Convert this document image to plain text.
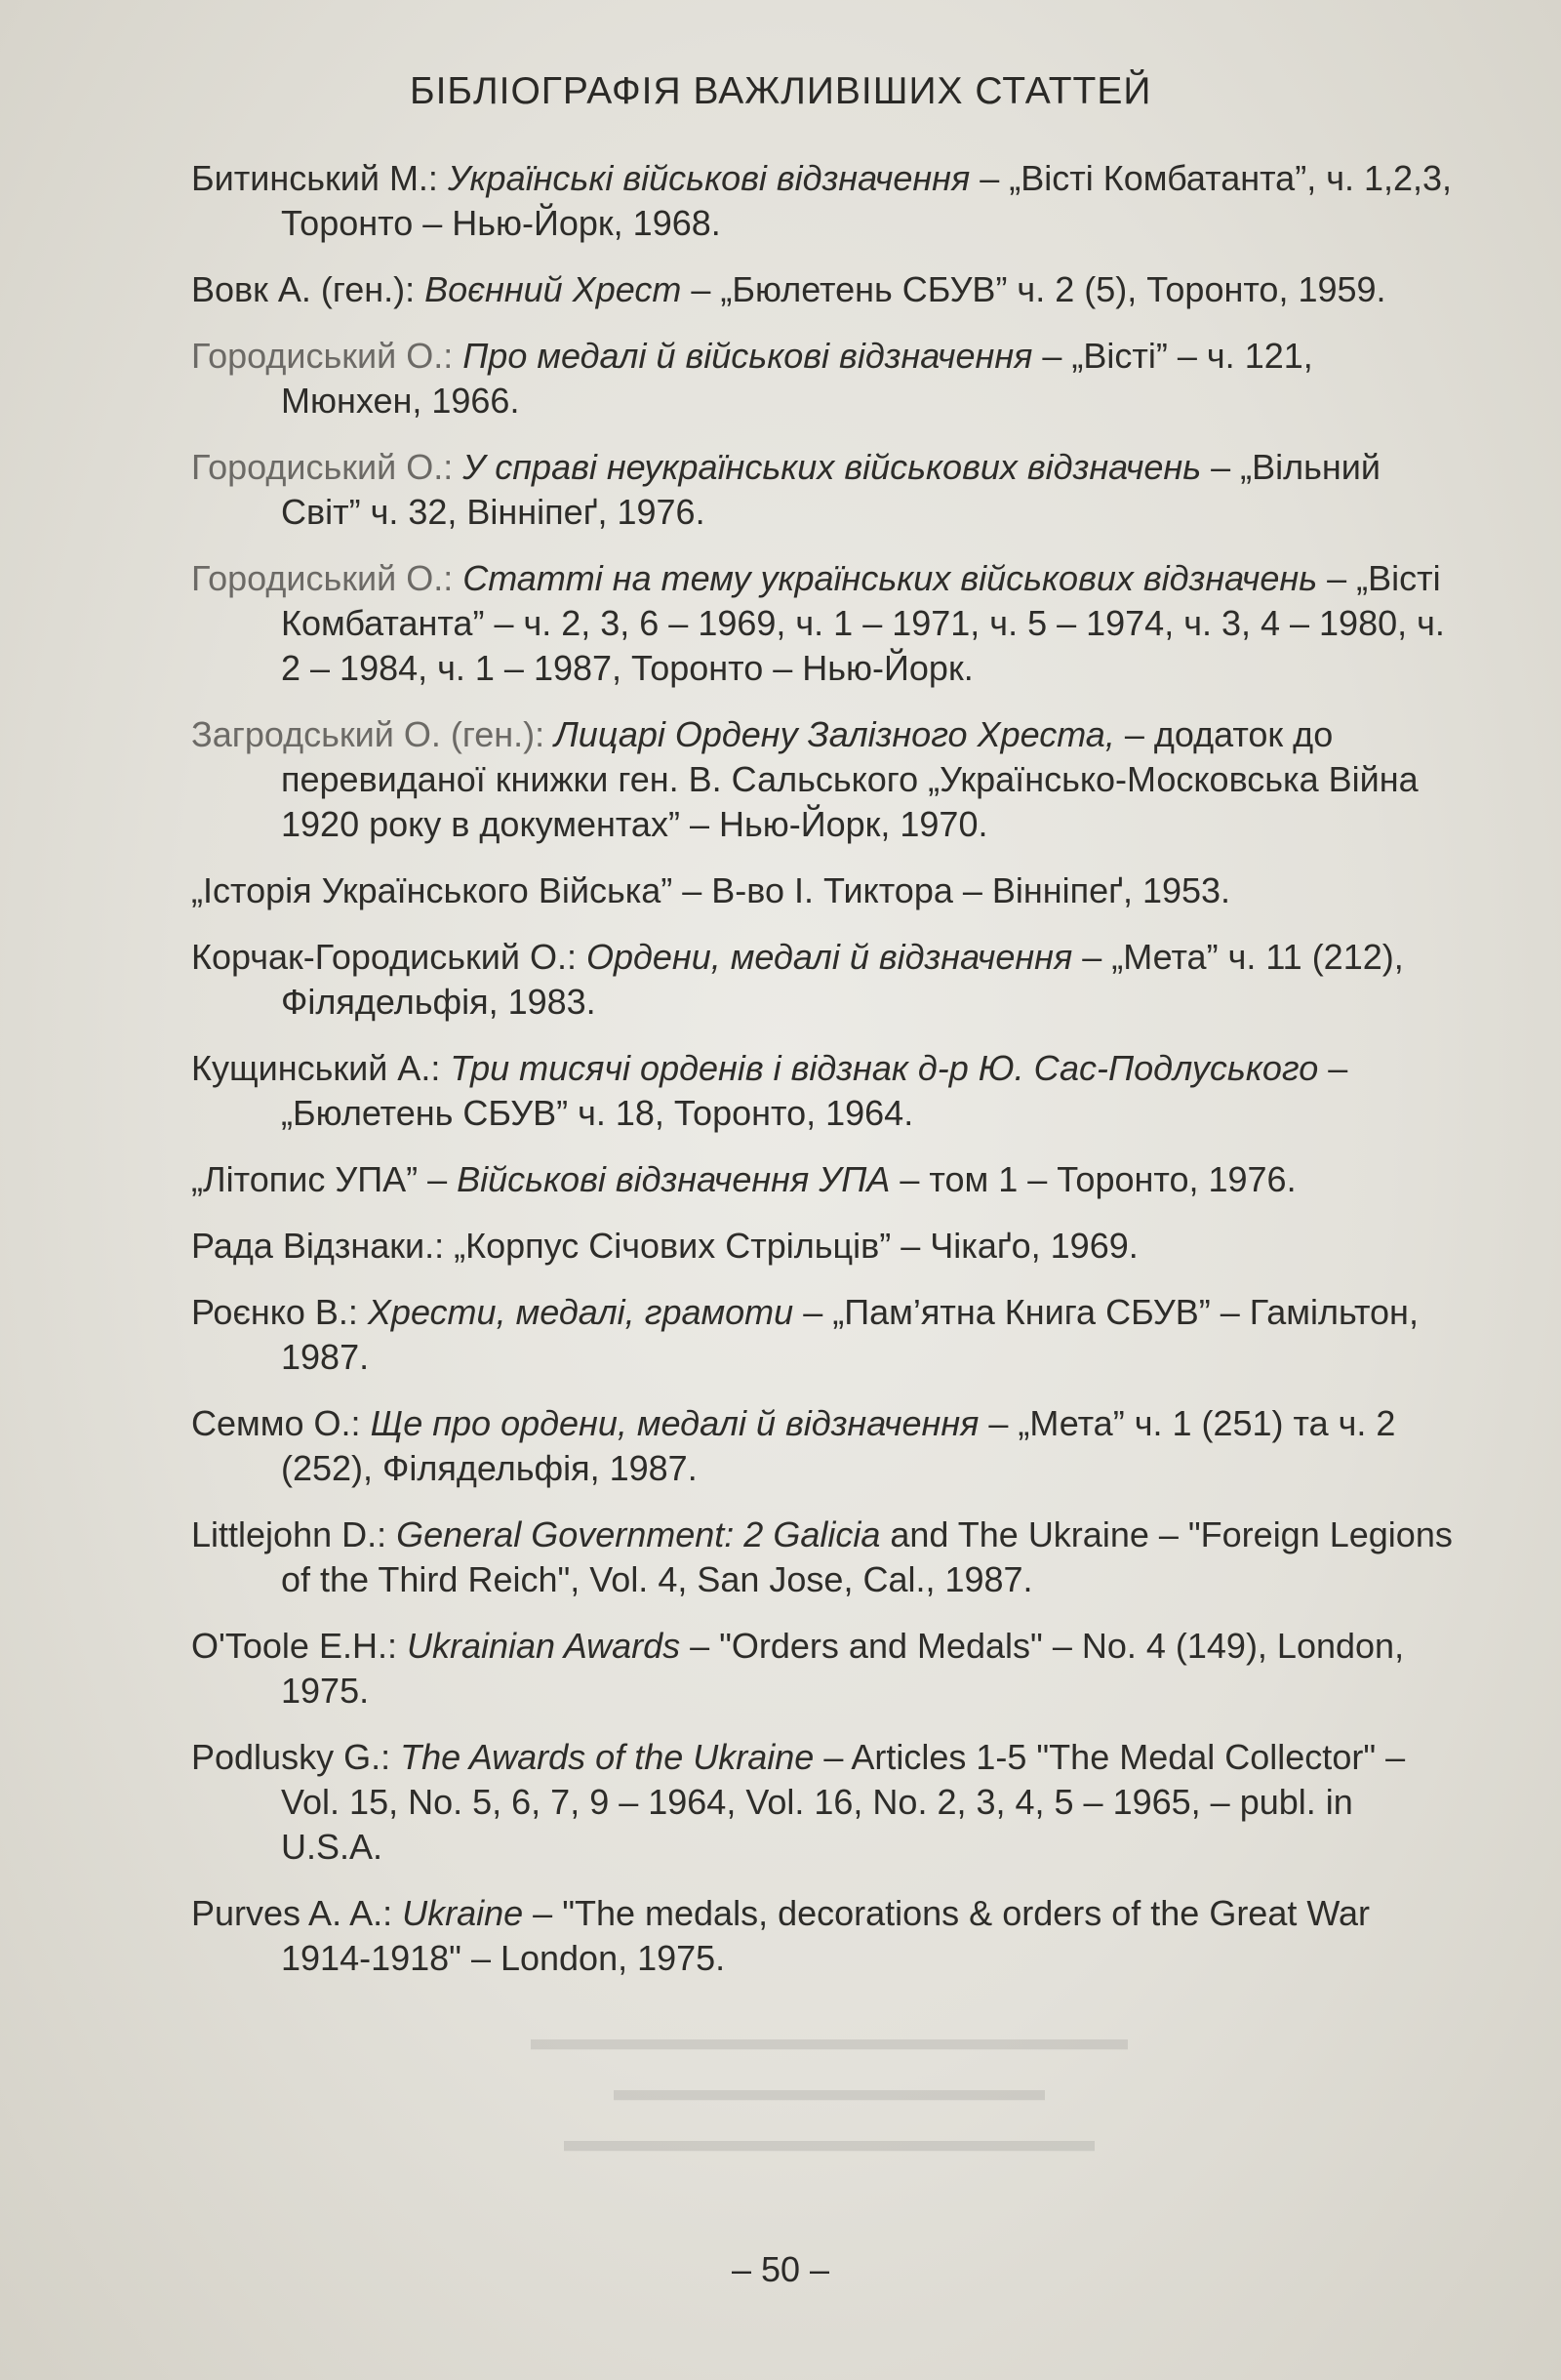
▬▬▬▬▬▬▬▬▬▬▬▬▬▬▬▬
▬▬▬▬▬▬▬▬▬▬▬▬▬
▬▬▬▬▬▬▬▬▬▬▬▬▬▬▬▬▬▬
БІБЛІОГРАФІЯ ВАЖЛИВІШИХ СТАТТЕЙ
Битинський М.: Українські військові відзначення – „Вісті Комбатанта”, ч. 1,2,3, Торонто – Нью-Йорк, 1968.
Вовк А. (ген.): Воєнний Хрест – „Бюлетень СБУВ” ч. 2 (5), Торонто, 1959.
Городиський О.: Про медалі й військові відзначення – „Вісті” – ч. 121, Мюнхен, 1966.
Городиський О.: У справі неукраїнських військових відзначень – „Вільний Світ” ч. 32, Вінніпеґ, 1976.
Городиський О.: Статті на тему українських військових відзначень – „Вісті Комбатанта” – ч. 2, 3, 6 – 1969, ч. 1 – 1971, ч. 5 – 1974, ч. 3, 4 – 1980, ч. 2 – 1984, ч. 1 – 1987, Торонто – Нью-Йорк.
Загродський О. (ген.): Лицарі Ордену Залізного Хреста, – додаток до перевиданої книжки ген. В. Сальського „Українсько-Московська Війна 1920 року в документах” – Нью-Йорк, 1970.
„Історія Українського Війська” – В-во І. Тиктора – Вінніпеґ, 1953.
Корчак-Городиський О.: Ордени, медалі й відзначення – „Мета” ч. 11 (212), Філядельфія, 1983.
Кущинський А.: Три тисячі орденів і відзнак д-р Ю. Сас-Подлуського – „Бюлетень СБУВ” ч. 18, Торонто, 1964.
„Літопис УПА” – Військові відзначення УПА – том 1 – Торонто, 1976.
Рада Відзнаки.: „Корпус Січових Стрільців” – Чікаґо, 1969.
Роєнко В.: Хрести, медалі, грамоти – „Пам’ятна Книга СБУВ” – Гамільтон, 1987.
Семмо О.: Ще про ордени, медалі й відзначення – „Мета” ч. 1 (251) та ч. 2 (252), Філядельфія, 1987.
Littlejohn D.: General Government: 2 Galicia and The Ukraine – "Foreign Legions of the Third Reich", Vol. 4, San Jose, Cal., 1987.
O'Toole E.H.: Ukrainian Awards – "Orders and Medals" – No. 4 (149), London, 1975.
Podlusky G.: The Awards of the Ukraine – Articles 1-5 "The Medal Collector" – Vol. 15, No. 5, 6, 7, 9 – 1964, Vol. 16, No. 2, 3, 4, 5 – 1965, – publ. in U.S.A.
Purves A. A.: Ukraine – "The medals, decorations & orders of the Great War 1914-1918" – London, 1975.
– 50 –
